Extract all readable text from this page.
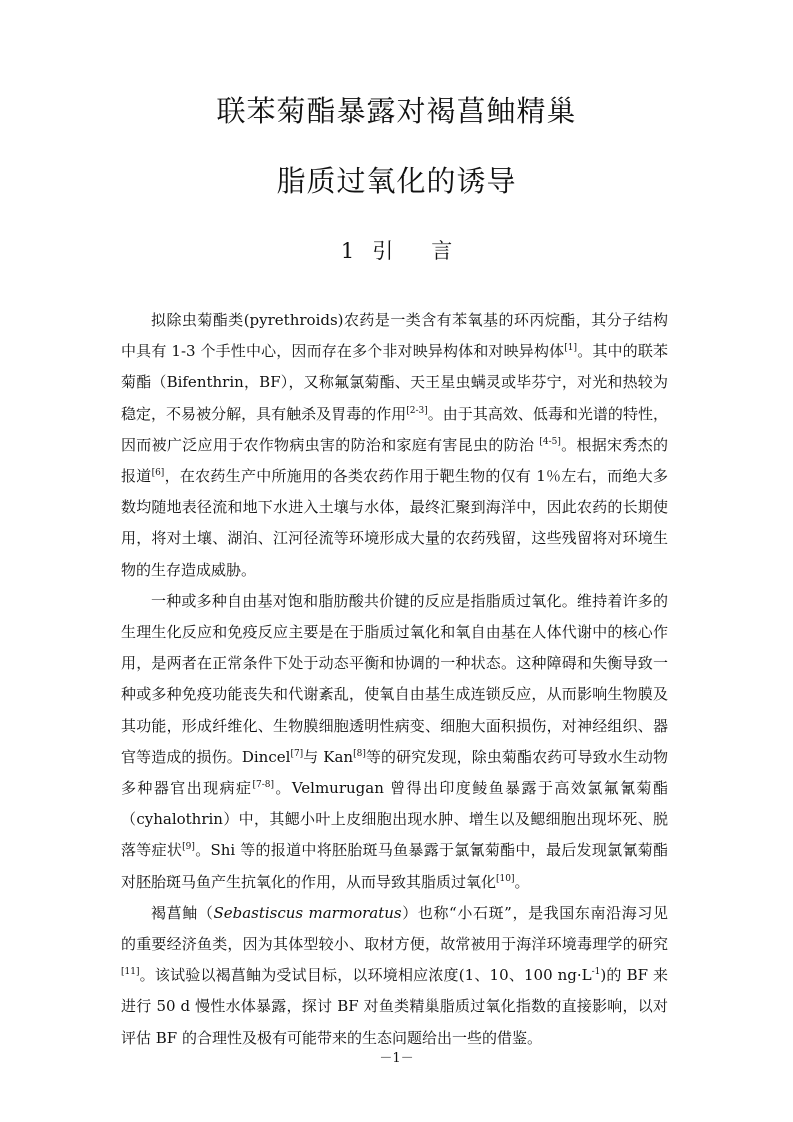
联苯菊酯暴露对褐菖鲉精巢
脂质过氧化的诱导
1 引 言

拟除虫菊酯类(pyrethroids)农药是一类含有苯氧基的环丙烷酯，其分子结构中具有 1-3 个手性中心，因而存在多个非对映异构体和对映异构体[1]。其中的联苯菊酯（Bifenthrin，BF），又称氟氯菊酯、天王星虫螨灵或毕芬宁，对光和热较为稳定，不易被分解，具有触杀及胃毒的作用[2-3]。由于其高效、低毒和光谱的特性，因而被广泛应用于农作物病虫害的防治和家庭有害昆虫的防治 [4-5]。根据宋秀杰的报道[6]，在农药生产中所施用的各类农药作用于靶生物的仅有 1％左右，而绝大多数均随地表径流和地下水进入土壤与水体，最终汇聚到海洋中，因此农药的长期使用，将对土壤、湖泊、江河径流等环境形成大量的农药残留，这些残留将对环境生物的生存造成威胁。

一种或多种自由基对饱和脂肪酸共价键的反应是指脂质过氧化。维持着许多的生理生化反应和免疫反应主要是在于脂质过氧化和氧自由基在人体代谢中的核心作用，是两者在正常条件下处于动态平衡和协调的一种状态。这种障碍和失衡导致一种或多种免疫功能丧失和代谢紊乱，使氧自由基生成连锁反应，从而影响生物膜及其功能，形成纤维化、生物膜细胞透明性病变、细胞大面积损伤，对神经组织、器官等造成的损伤。Dincel[7]与 Kan[8]等的研究发现，除虫菊酯农药可导致水生动物多种器官出现病症[7-8]。Velmurugan 曾得出印度鲮鱼暴露于高效氯氟氰菊酯（cyhalothrin）中，其鳃小叶上皮细胞出现水肿、增生以及鳃细胞出现坏死、脱落等症状[9]。Shi 等的报道中将胚胎斑马鱼暴露于氯氰菊酯中，最后发现氯氰菊酯对胚胎斑马鱼产生抗氧化的作用，从而导致其脂质过氧化[10]。

褐菖鲉（Sebastiscus marmoratus）也称“小石斑”，是我国东南沿海习见的重要经济鱼类，因为其体型较小、取材方便，故常被用于海洋环境毒理学的研究[11]。该试验以褐菖鲉为受试目标，以环境相应浓度(1、10、100 $ng\cdot L^{-1}$)的 BF 来进行 50 d 慢性水体暴露，探讨 BF 对鱼类精巢脂质过氧化指数的直接影响，以对评估 BF 的合理性及极有可能带来的生态问题给出一些的借鉴。

－1－
